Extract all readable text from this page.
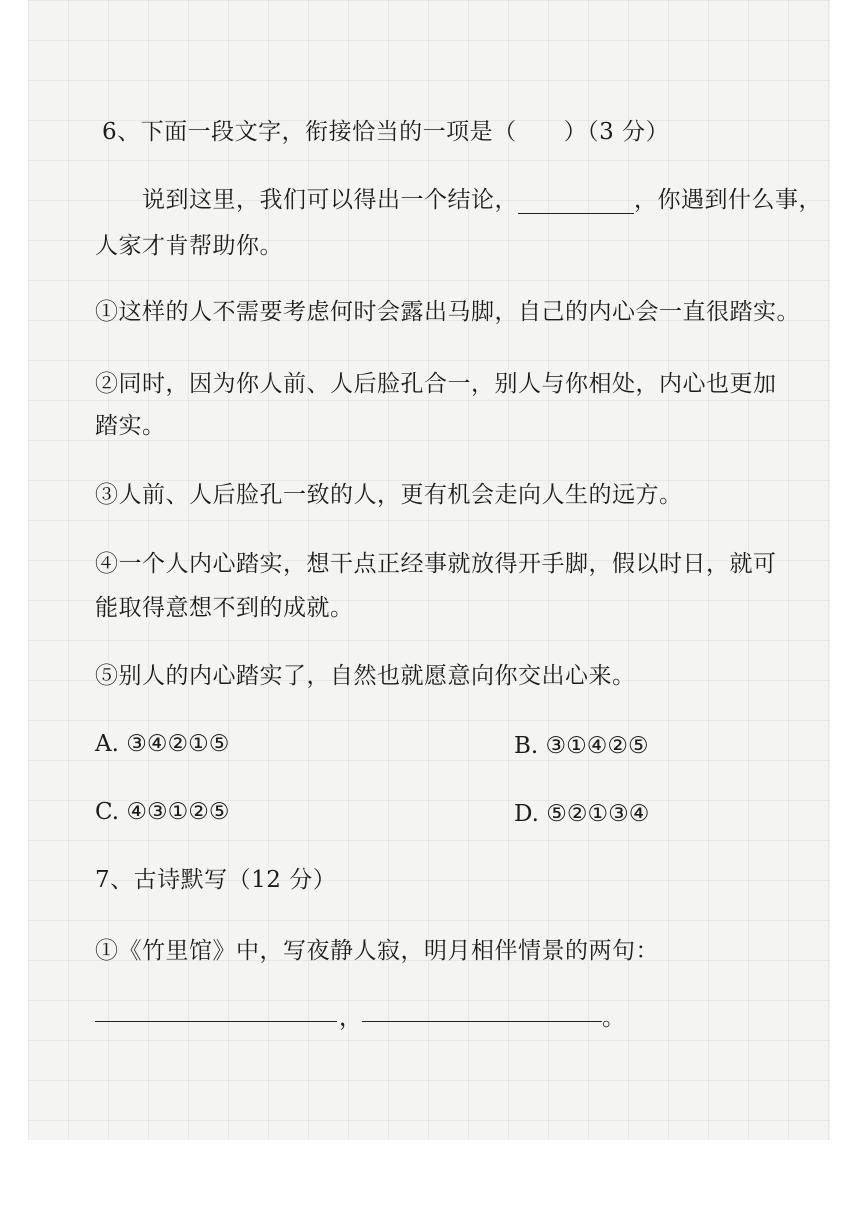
6、下面一段文字，衔接恰当的一项是（　　）（3 分）
说到这里，我们可以得出一个结论，	，你遇到什么事，
人家才肯帮助你。
①这样的人不需要考虑何时会露出马脚，自己的内心会一直很踏实。
②同时，因为你人前、人后脸孔合一，别人与你相处，内心也更加
踏实。
③人前、人后脸孔一致的人，更有机会走向人生的远方。
④一个人内心踏实，想干点正经事就放得开手脚，假以时日，就可
能取得意想不到的成就。
⑤别人的内心踏实了，自然也就愿意向你交出心来。
A. ③④②①⑤	B. ③①④②⑤
C. ④③①②⑤	D. ⑤②①③④
7、古诗默写（12 分）
①《竹里馆》中，写夜静人寂，明月相伴情景的两句：
，	。
